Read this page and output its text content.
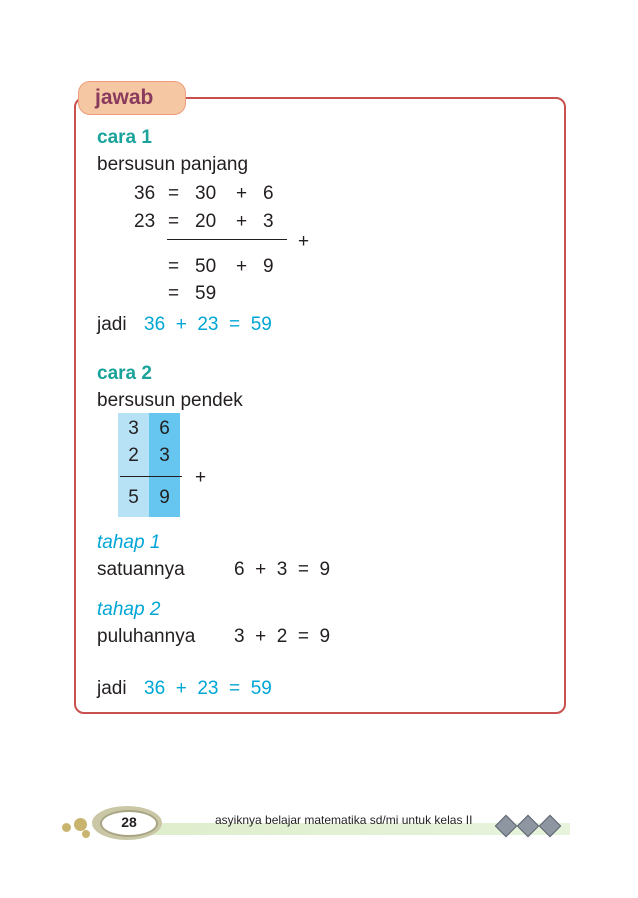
jawab
cara 1
bersusun panjang
36 = 30 + 6
23 = 20 + 3
+
= 50 + 9
= 59
jadi 36  +  23  =  59
cara 2
bersusun pendek
3	6
2	3
+
5	9
tahap 1
satuannya	6  +  3  =  9
tahap 2
puluhannya 3  +  2  =  9
jadi 36  +  23  =  59
28	asyiknya belajar matematika sd/mi untuk kelas II
